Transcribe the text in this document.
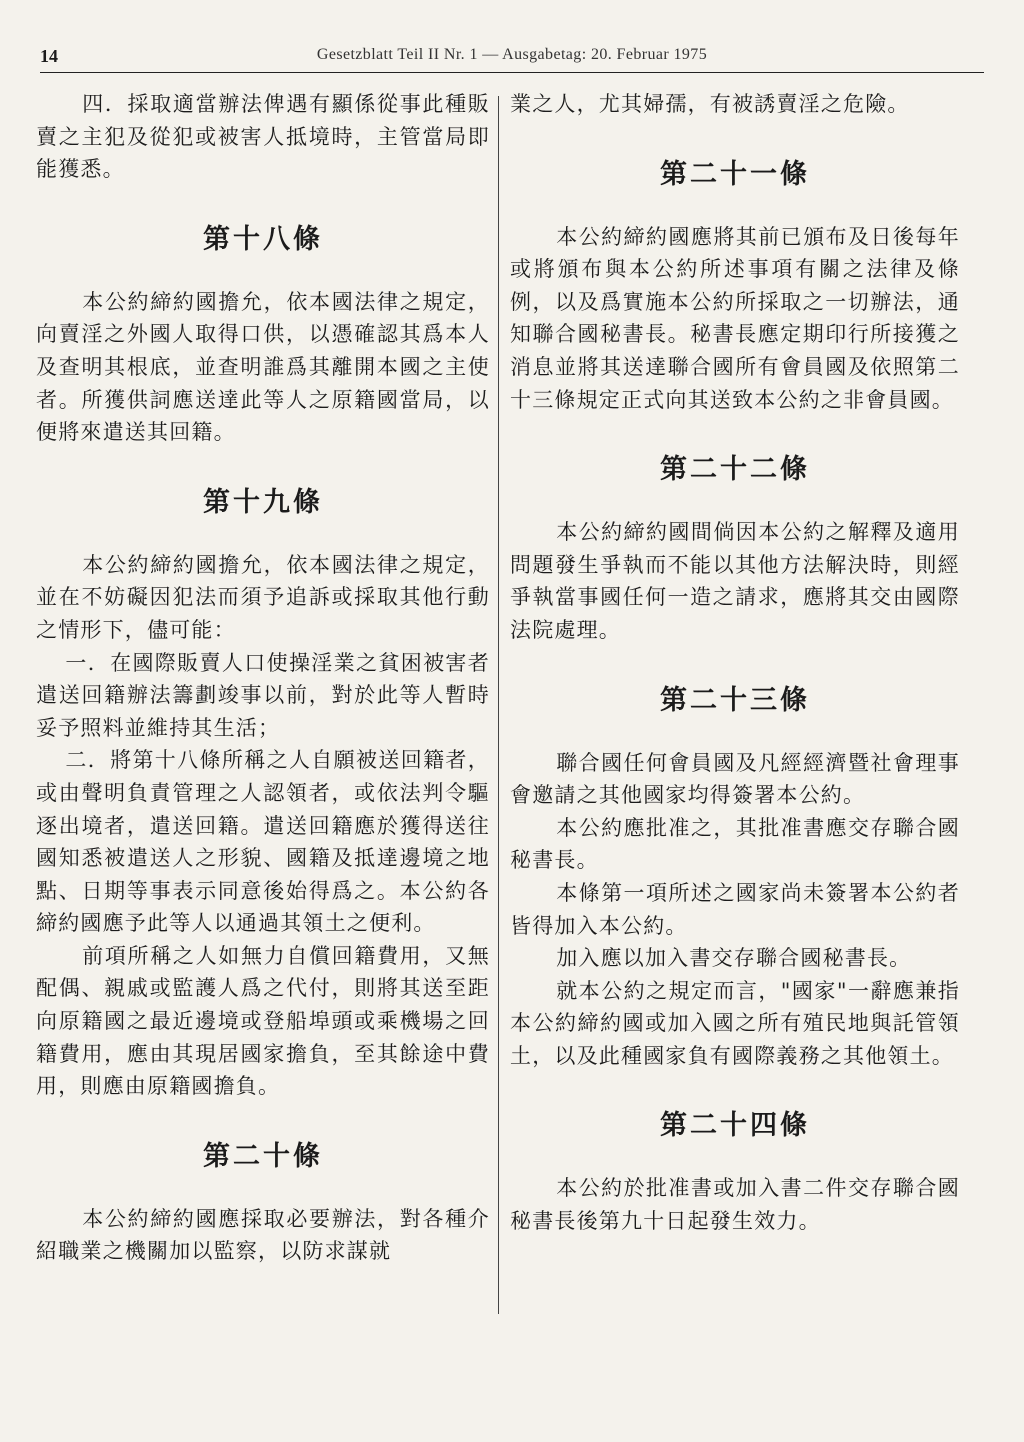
14	Gesetzblatt Teil II Nr. 1 — Ausgabetag: 20. Februar 1975

四．採取適當辦法俾遇有顯係從事此種販賣之主犯及從犯或被害人抵境時，主管當局即能獲悉。

第十八條

本公約締約國擔允，依本國法律之規定，向賣淫之外國人取得口供，以憑確認其爲本人及查明其根底，並查明誰爲其離開本國之主使者。所獲供詞應送達此等人之原籍國當局，以便將來遣送其回籍。

第十九條

本公約締約國擔允，依本國法律之規定，並在不妨礙因犯法而須予追訴或採取其他行動之情形下，儘可能：

一．在國際販賣人口使操淫業之貧困被害者遣送回籍辦法籌劃竣事以前，對於此等人暫時妥予照料並維持其生活；

二．將第十八條所稱之人自願被送回籍者，或由聲明負責管理之人認領者，或依法判令驅逐出境者，遣送回籍。遣送回籍應於獲得送往國知悉被遣送人之形貌、國籍及抵達邊境之地點、日期等事表示同意後始得爲之。本公約各締約國應予此等人以通過其領土之便利。

前項所稱之人如無力自償回籍費用，又無配偶、親戚或監護人爲之代付，則將其送至距向原籍國之最近邊境或登船埠頭或乘機場之回籍費用，應由其現居國家擔負，至其餘途中費用，則應由原籍國擔負。

第二十條

本公約締約國應採取必要辦法，對各種介紹職業之機關加以監察，以防求謀就

業之人，尤其婦孺，有被誘賣淫之危險。

第二十一條

本公約締約國應將其前已頒布及日後每年或將頒布與本公約所述事項有關之法律及條例，以及爲實施本公約所採取之一切辦法，通知聯合國秘書長。秘書長應定期印行所接獲之消息並將其送達聯合國所有會員國及依照第二十三條規定正式向其送致本公約之非會員國。

第二十二條

本公約締約國間倘因本公約之解釋及適用問題發生爭執而不能以其他方法解決時，則經爭執當事國任何一造之請求，應將其交由國際法院處理。

第二十三條

聯合國任何會員國及凡經經濟暨社會理事會邀請之其他國家均得簽署本公約。

本公約應批准之，其批准書應交存聯合國秘書長。

本條第一項所述之國家尚未簽署本公約者皆得加入本公約。

加入應以加入書交存聯合國秘書長。

就本公約之規定而言，"國家"一辭應兼指本公約締約國或加入國之所有殖民地與託管領土，以及此種國家負有國際義務之其他領土。

第二十四條

本公約於批准書或加入書二件交存聯合國秘書長後第九十日起發生效力。
